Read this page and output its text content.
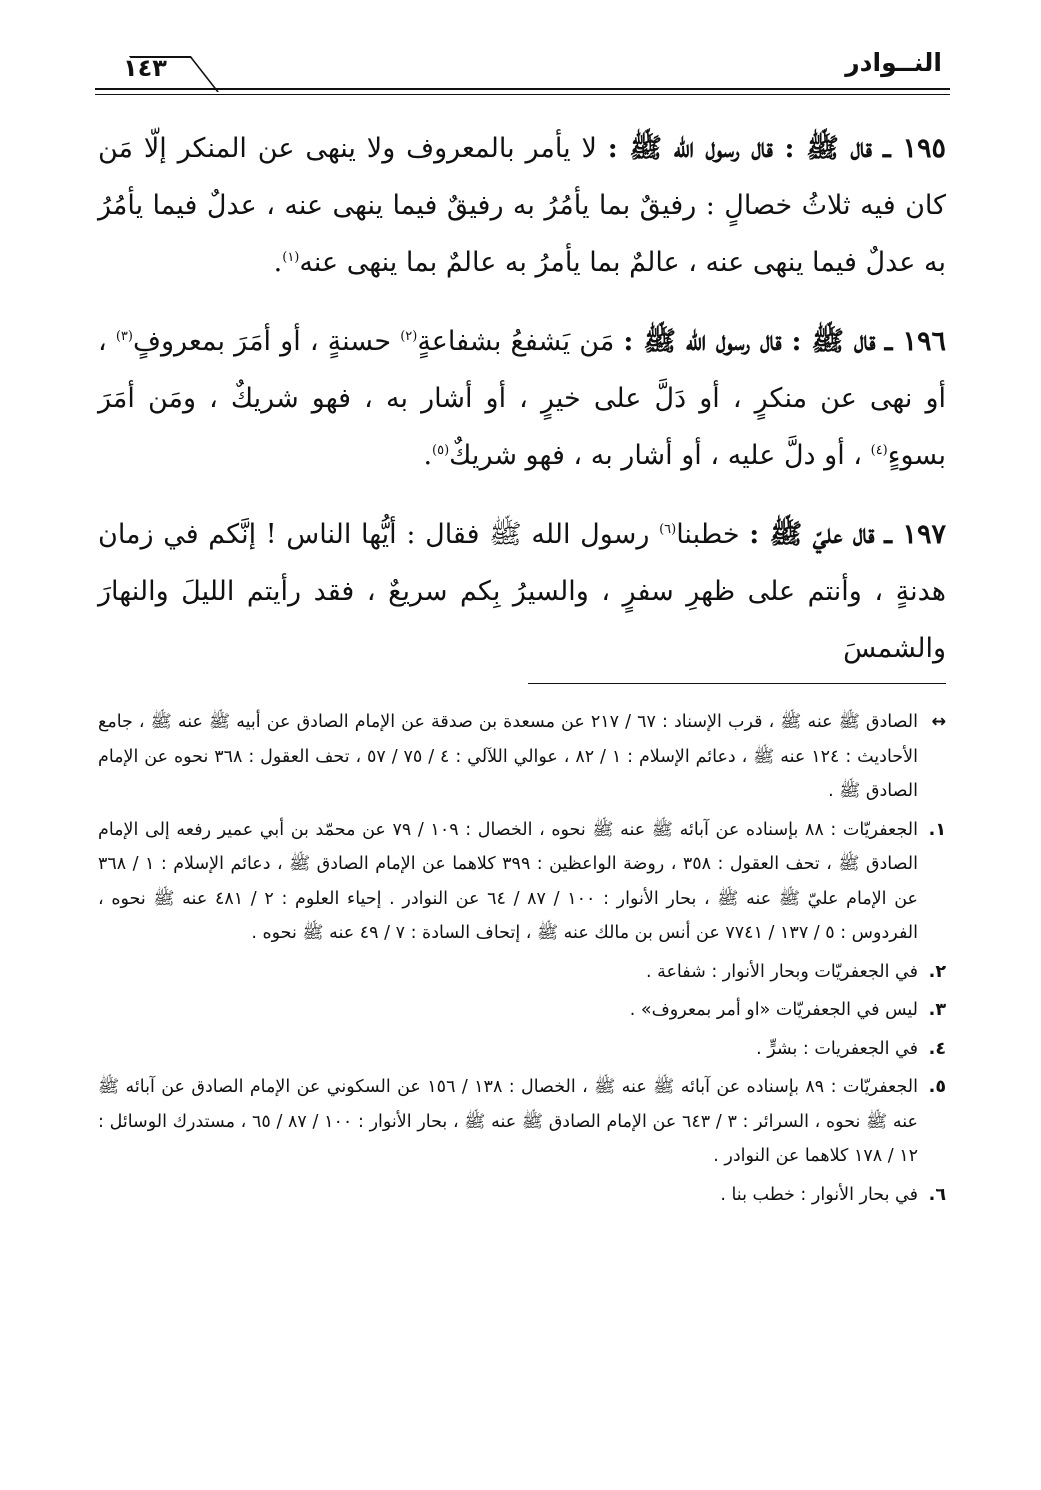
النــوادر
١٤٣

١٩٥ ـ قال ﷺ : قال رسول الله ﷺ : لا يأمر بالمعروف ولا ينهى عن المنكر إلّا مَن كان فيه ثلاثُ خصالٍ : رفيقٌ بما يأمُرُ به رفيقٌ فيما ينهى عنه ، عدلٌ فيما يأمُرُ به عدلٌ فيما ينهى عنه ، عالمٌ بما يأمرُ به عالمٌ بما ينهى عنه$^{(١)}$.

١٩٦ ـ قال ﷺ : قال رسول الله ﷺ : مَن يَشفعُ بشفاعةٍ$^{(٢)}$ حسنةٍ ، أو أمَرَ بمعروفٍ$^{(٣)}$ ، أو نهى عن منكرٍ ، أو دَلَّ على خيرٍ ، أو أشار به ، فهو شريكٌ ، ومَن أمَرَ بسوءٍ$^{(٤)}$ ، أو دلَّ عليه ، أو أشار به ، فهو شريكٌ$^{(٥)}$.

١٩٧ ـ قال عليّ ﷺ : خطبنا$^{(٦)}$ رسول الله ﷺ فقال : أيُّها الناس ! إنَّكم في زمان هدنةٍ ، وأنتم على ظهرِ سفرٍ ، والسيرُ بِكم سريعٌ ، فقد رأيتم الليلَ والنهارَ والشمسَ

↔
الصادق ﷺ عنه ﷺ ، قرب الإسناد : ٦٧ / ٢١٧ عن مسعدة بن صدقة عن الإمام الصادق عن أبيه ﷺ عنه ﷺ ، جامع الأحاديث : ١٢٤ عنه ﷺ ، دعائم الإسلام : ١ / ٨٢ ، عوالي اللآلي : ٤ / ٧٥ / ٥٧ ، تحف العقول : ٣٦٨ نحوه عن الإمام الصادق ﷺ .
١.
الجعفريّات : ٨٨ بإسناده عن آبائه ﷺ عنه ﷺ نحوه ، الخصال : ١٠٩ / ٧٩ عن محمّد بن أبي عمير رفعه إلى الإمام الصادق ﷺ ، تحف العقول : ٣٥٨ ، روضة الواعظين : ٣٩٩ كلاهما عن الإمام الصادق ﷺ ، دعائم الإسلام : ١ / ٣٦٨ عن الإمام عليّ ﷺ عنه ﷺ ، بحار الأنوار : ١٠٠ / ٨٧ / ٦٤ عن النوادر . إحياء العلوم : ٢ / ٤٨١ عنه ﷺ نحوه ، الفردوس : ٥ / ١٣٧ / ٧٧٤١ عن أنس بن مالك عنه ﷺ ، إتحاف السادة : ٧ / ٤٩ عنه ﷺ نحوه .
٢.
في الجعفريّات وبحار الأنوار : شفاعة .
٣.
ليس في الجعفريّات «او أمر بمعروف» .
٤.
في الجعفريات : بشرٍّ .
٥.
الجعفريّات : ٨٩ بإسناده عن آبائه ﷺ عنه ﷺ ، الخصال : ١٣٨ / ١٥٦ عن السكوني عن الإمام الصادق عن آبائه ﷺ عنه ﷺ نحوه ، السرائر : ٣ / ٦٤٣ عن الإمام الصادق ﷺ عنه ﷺ ، بحار الأنوار : ١٠٠ / ٨٧ / ٦٥ ، مستدرك الوسائل : ١٢ / ١٧٨ كلاهما عن النوادر .
٦.
في بحار الأنوار : خطب بنا .
